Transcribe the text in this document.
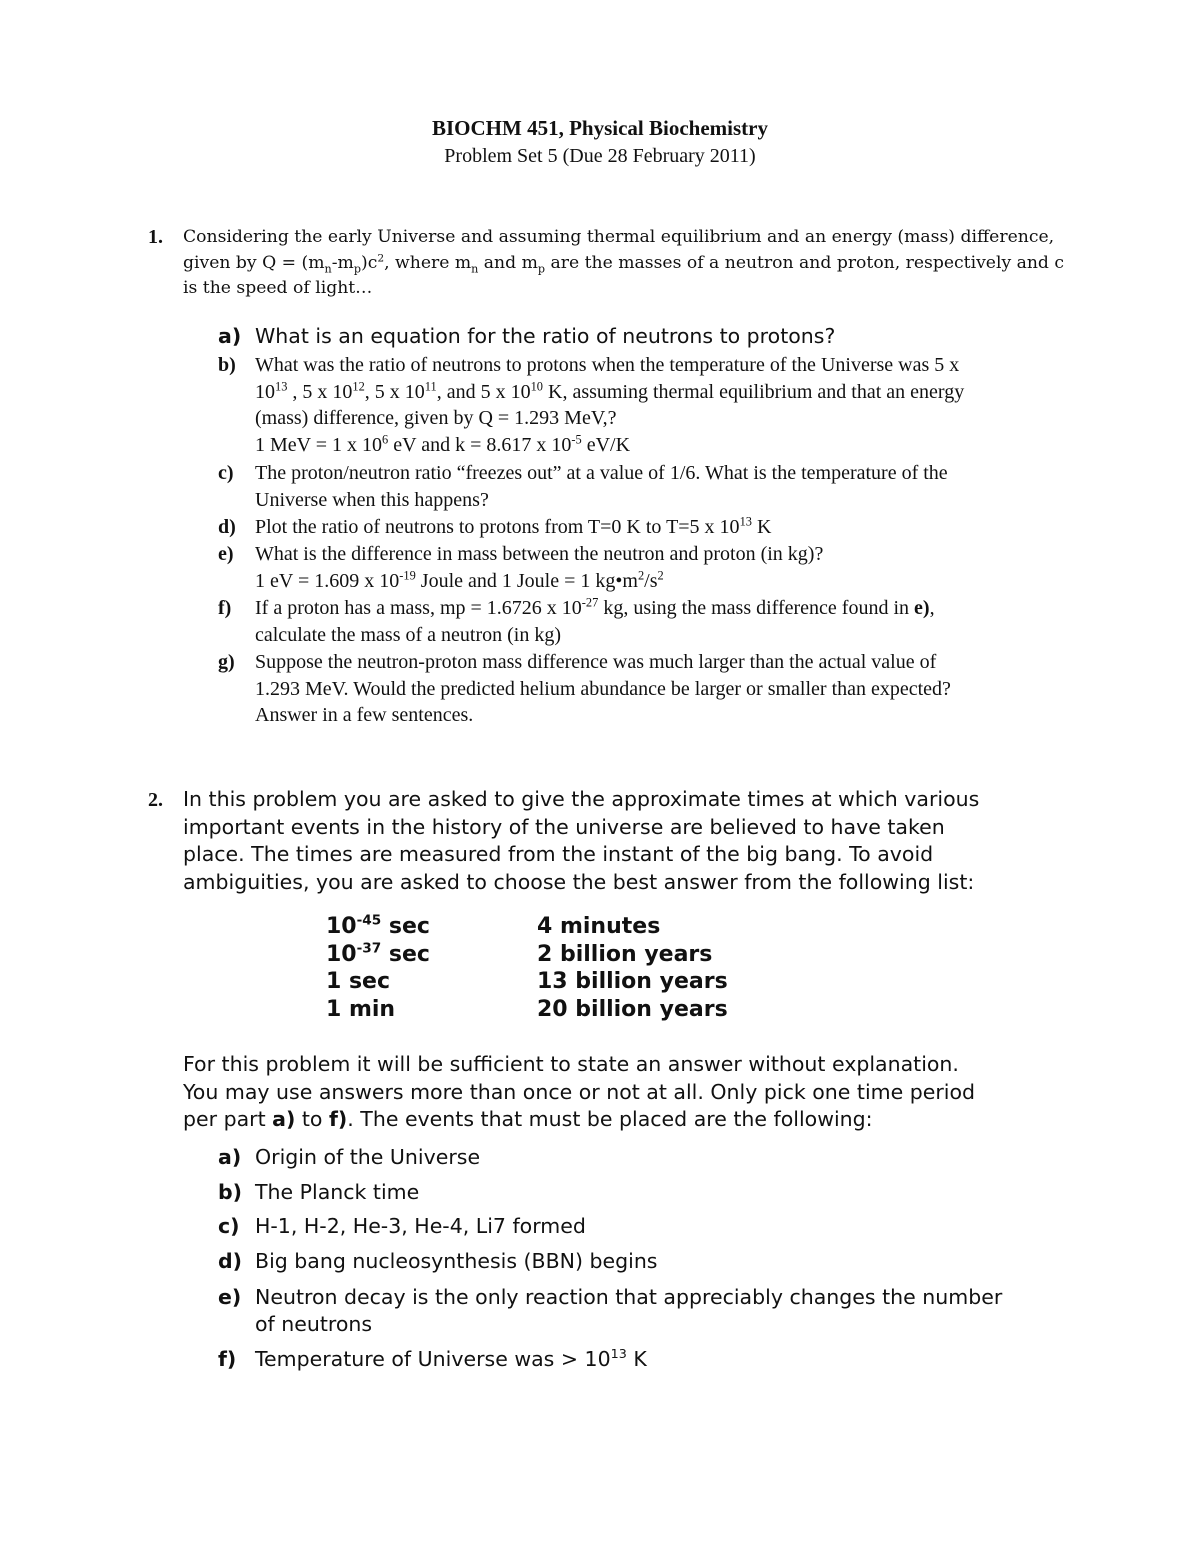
BIOCHM 451, Physical Biochemistry
Problem Set 5 (Due 28 February 2011)
1. Considering the early Universe and assuming thermal equilibrium and an energy (mass) difference,
given by $Q = (m_n-m_p)c^2$, where $m_n$ and $m_p$ are the masses of a neutron and proton, respectively and c
is the speed of light…
a) What is an equation for the ratio of neutrons to protons?
b) What was the ratio of neutrons to protons when the temperature of the Universe was 5 x
$10^{13}$ , 5 x $10^{12}$, 5 x $10^{11}$, and 5 x $10^{10}$ K, assuming thermal equilibrium and that an energy
(mass) difference, given by Q = 1.293 MeV,?
1 MeV = 1 x $10^6$ eV and k = 8.617 x $10^{-5}$ eV/K
c) The proton/neutron ratio “freezes out” at a value of 1/6. What is the temperature of the
Universe when this happens?
d) Plot the ratio of neutrons to protons from T=0 K to T=5 x $10^{13}$ K
e) What is the difference in mass between the neutron and proton (in kg)?
1 eV = 1.609 x $10^{-19}$ Joule and 1 Joule = 1 $kg•m^2/s^2$
f) If a proton has a mass, mp = 1.6726 x $10^{-27}$ kg, using the mass difference found in e),
calculate the mass of a neutron (in kg)
g) Suppose the neutron-proton mass difference was much larger than the actual value of
1.293 MeV. Would the predicted helium abundance be larger or smaller than expected?
Answer in a few sentences.
2. In this problem you are asked to give the approximate times at which various
important events in the history of the universe are believed to have taken
place. The times are measured from the instant of the big bang. To avoid
ambiguities, you are asked to choose the best answer from the following list:
$10^{-45}$ sec
$10^{-37}$ sec
1 sec
1 min
4 minutes
2 billion years
13 billion years
20 billion years
For this problem it will be sufficient to state an answer without explanation.
You may use answers more than once or not at all. Only pick one time period
per part a) to f). The events that must be placed are the following:
a) Origin of the Universe
b) The Planck time
c) H-1, H-2, He-3, He-4, Li7 formed
d) Big bang nucleosynthesis (BBN) begins
e) Neutron decay is the only reaction that appreciably changes the number
of neutrons
f) Temperature of Universe was > $10^{13}$ K
